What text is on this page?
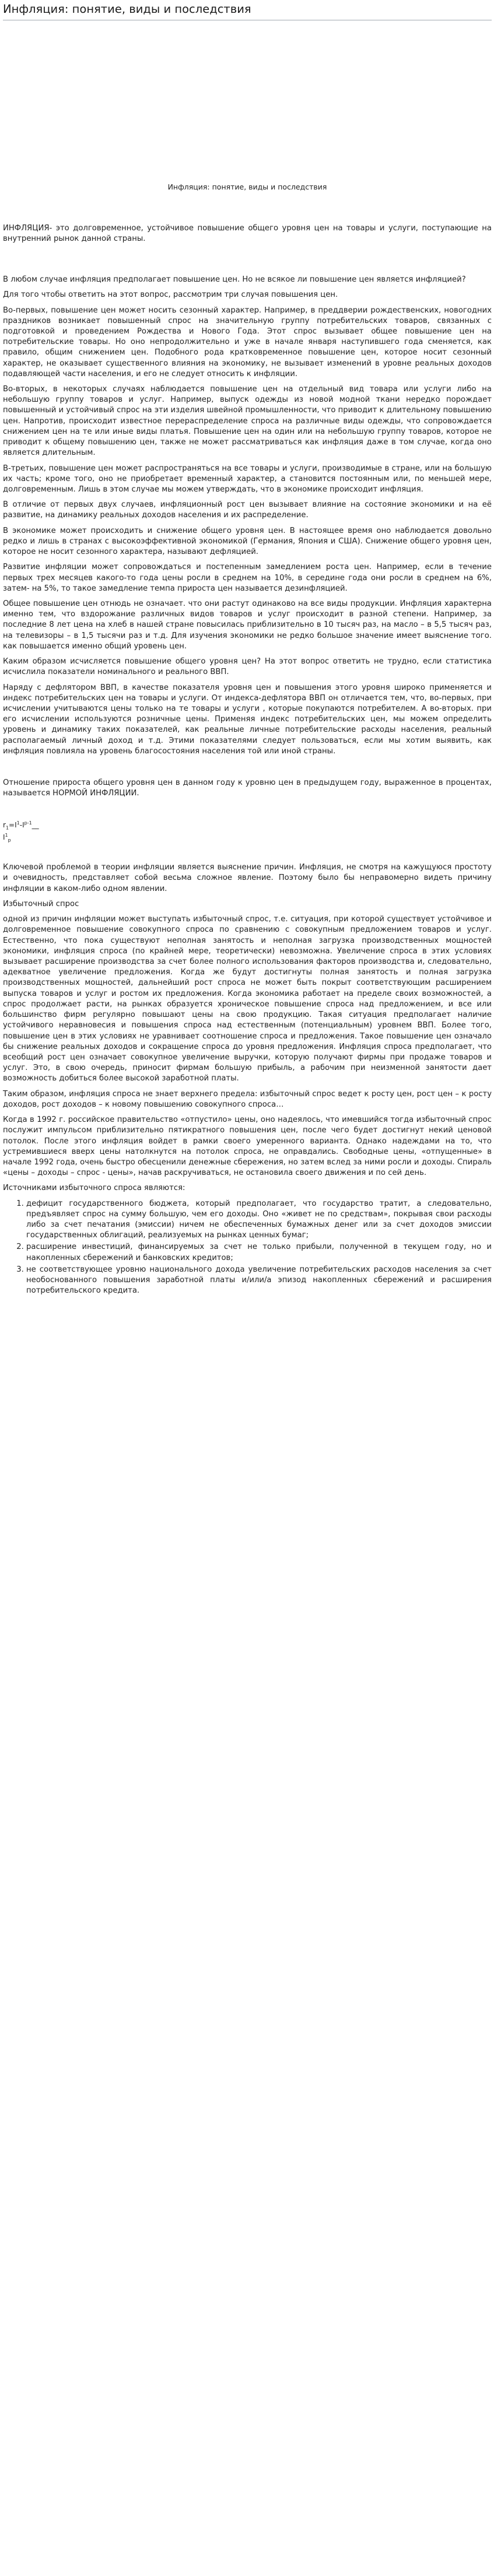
Инфляция: понятие, виды и последствия
Инфляция: понятие, виды и последствия

ИНФЛЯЦИЯ- это долговременное, устойчивое повышение общего уровня цен на товары и услуги, поступающие на внутренний рынок данной страны.

В любом случае инфляция предполагает повышение цен. Но не всякое ли повышение цен является инфляцией?

Для того чтобы ответить на этот вопрос, рассмотрим три случая повышения цен.

Во-первых, повышение цен может носить сезонный характер. Например, в преддверии рождественских, новогодних праздников возникает повышенный спрос на значительную группу потребительских товаров, связанных с подготовкой и проведением Рождества и Нового Года. Этот спрос вызывает общее повышение цен на потребительские товары. Но оно непродолжительно и уже в начале января наступившего года сменяется, как правило, общим снижением цен. Подобного рода кратковременное повышение цен, которое носит сезонный характер, не оказывает существенного влияния на экономику, не вызывает изменений в уровне реальных доходов подавляющей части населения, и его не следует относить к инфляции.

Во-вторых, в некоторых случаях наблюдается повышение цен на отдельный вид товара или услуги либо на небольшую группу товаров и услуг. Например, выпуск одежды из новой модной ткани нередко порождает повышенный и устойчивый спрос на эти изделия швейной промышленности, что приводит к длительному повышению цен. Напротив, происходит известное перераспределение спроса на различные виды одежды, что сопровождается снижением цен на те или иные виды платья. Повышение цен на один или на небольшую группу товаров, которое не приводит к общему повышению цен, также не может рассматриваться как инфляция даже в том случае, когда оно является длительным.

В-третьих, повышение цен может распространяться на все товары и услуги, производимые в стране, или на большую их часть; кроме того, оно не приобретает временный характер, а становится постоянным или, по меньшей мере, долговременным. Лишь в этом случае мы можем утверждать, что в экономике происходит инфляция.

В отличие от первых двух случаев, инфляционный рост цен вызывает влияние на состояние экономики и на её развитие, на динамику реальных доходов населения и их распределение.

В экономике может происходить и снижение общего уровня цен. В настоящее время оно наблюдается довольно редко и лишь в странах с высокоэффективной экономикой (Германия, Япония и США). Снижение общего уровня цен, которое не носит сезонного характера, называют дефляцией.

Развитие инфляции может сопровождаться и постепенным замедлением роста цен. Например, если в течение первых трех месяцев какого-то года цены росли в среднем на 10%, в середине года они росли в среднем на 6%, затем- на 5%, то такое замедление темпа прироста цен называется дезинфляцией.

Общее повышение цен отнюдь не означает. что они растут одинаково на все виды продукции. Инфляция характерна именно тем, что вздорожание различных видов товаров и услуг происходит в разной степени. Например, за последние 8 лет цена на хлеб в нашей стране повысилась приблизительно в 10 тысяч раз, на масло – в 5,5 тысяч раз, на телевизоры – в 1,5 тысячи раз и т.д. Для изучения экономики не редко большое значение имеет выяснение того. как повышается именно общий уровень цен.

Каким образом исчисляется повышение общего уровня цен? На этот вопрос ответить не трудно, если статистика исчислила показатели номинального и реального ВВП.

Наряду с дефлятором ВВП, в качестве показателя уровня цен и повышения этого уровня широко применяется и индекс потребительских цен на товары и услуги. От индекса-дефлятора ВВП он отличается тем, что, во-первых, при исчислении учитываются цены только на те товары и услуги , которые покупаются потребителем. А во-вторых. при его исчислении используются розничные цены. Применяя индекс потребительских цен, мы можем определить уровень и динамику таких показателей, как реальные личные потребительские расходы населения, реальный располагаемый личный доход и т.д. Этими показателями следует пользоваться, если мы хотим выявить, как инфляция повлияла на уровень благосостояния населения той или иной страны.

Отношение прироста общего уровня цен в данном году к уровню цен в предыдущем году, выраженное в процентах, называется НОРМОЙ ИНФЛЯЦИИ.

$r_1=I^1-I^{p-1}\_\_$
$I^1_p$

Ключевой проблемой в теории инфляции является выяснение причин. Инфляция, не смотря на кажущуюся простоту и очевидность, представляет собой весьма сложное явление. Поэтому было бы неправомерно видеть причину инфляции в каком-либо одном явлении.

Избыточный спрос

одной из причин инфляции может выступать избыточный спрос, т.е. ситуация, при которой существует устойчивое и долговременное повышение совокупного спроса по сравнению с совокупным предложением товаров и услуг. Естественно, что пока существуют неполная занятость и неполная загрузка производственных мощностей экономики, инфляция спроса (по крайней мере, теоретически) невозможна. Увеличение спроса в этих условиях вызывает расширение производства за счет более полного использования факторов производства и, следовательно, адекватное увеличение предложения. Когда же будут достигнуты полная занятость и полная загрузка производственных мощностей, дальнейший рост спроса не может быть покрыт соответствующим расширением выпуска товаров и услуг и ростом их предложения. Когда экономика работает на пределе своих возможностей, а спрос продолжает расти, на рынках образуется хроническое повышение спроса над предложением, и все или большинство фирм регулярно повышают цены на свою продукцию. Такая ситуация предполагает наличие устойчивого неравновесия и повышения спроса над естественным (потенциальным) уровнем ВВП. Более того, повышение цен в этих условиях не уравнивает соотношение спроса и предложения. Такое повышение цен означало бы снижение реальных доходов и сокращение спроса до уровня предложения. Инфляция спроса предполагает, что всеобщий рост цен означает совокупное увеличение выручки, которую получают фирмы при продаже товаров и услуг. Это, в свою очередь, приносит фирмам большую прибыль, а рабочим при неизменной занятости дает возможность добиться более высокой заработной платы.

Таким образом, инфляция спроса не знает верхнего предела: избыточный спрос ведет к росту цен, рост цен – к росту доходов, рост доходов – к новому повышению совокупного спроса…

Когда в 1992 г. российское правительство «отпустило» цены, оно надеялось, что имевшийся тогда избыточный спрос послужит импульсом приблизительно пятикратного повышения цен, после чего будет достигнут некий ценовой потолок. После этого инфляция войдет в рамки своего умеренного варианта. Однако надеждами на то, что устремившиеся вверх цены натолкнутся на потолок спроса, не оправдались. Свободные цены, «отпущенные» в начале 1992 года, очень быстро обесценили денежные сбережения, но затем вслед за ними росли и доходы. Спираль «цены – доходы – спрос - цены», начав раскручиваться, не остановила своего движения и по сей день.

Источниками избыточного спроса являются:

1. дефицит государственного бюджета, который предполагает, что государство тратит, а следовательно, предъявляет спрос на сумму большую, чем его доходы. Оно «живет не по средствам», покрывая свои расходы либо за счет печатания (эмиссии) ничем не обеспеченных бумажных денег или за счет доходов эмиссии государственных облигаций, реализуемых на рынках ценных бумаг;
2. расширение инвестиций, финансируемых за счет не только прибыли, полученной в текущем году, но и накопленных сбережений и банковских кредитов;
3. не соответствующее уровню национального дохода увеличение потребительских расходов населения за счет необоснованного повышения заработной платы и/или/а эпизод накопленных сбережений и расширения потребительского кредита.
